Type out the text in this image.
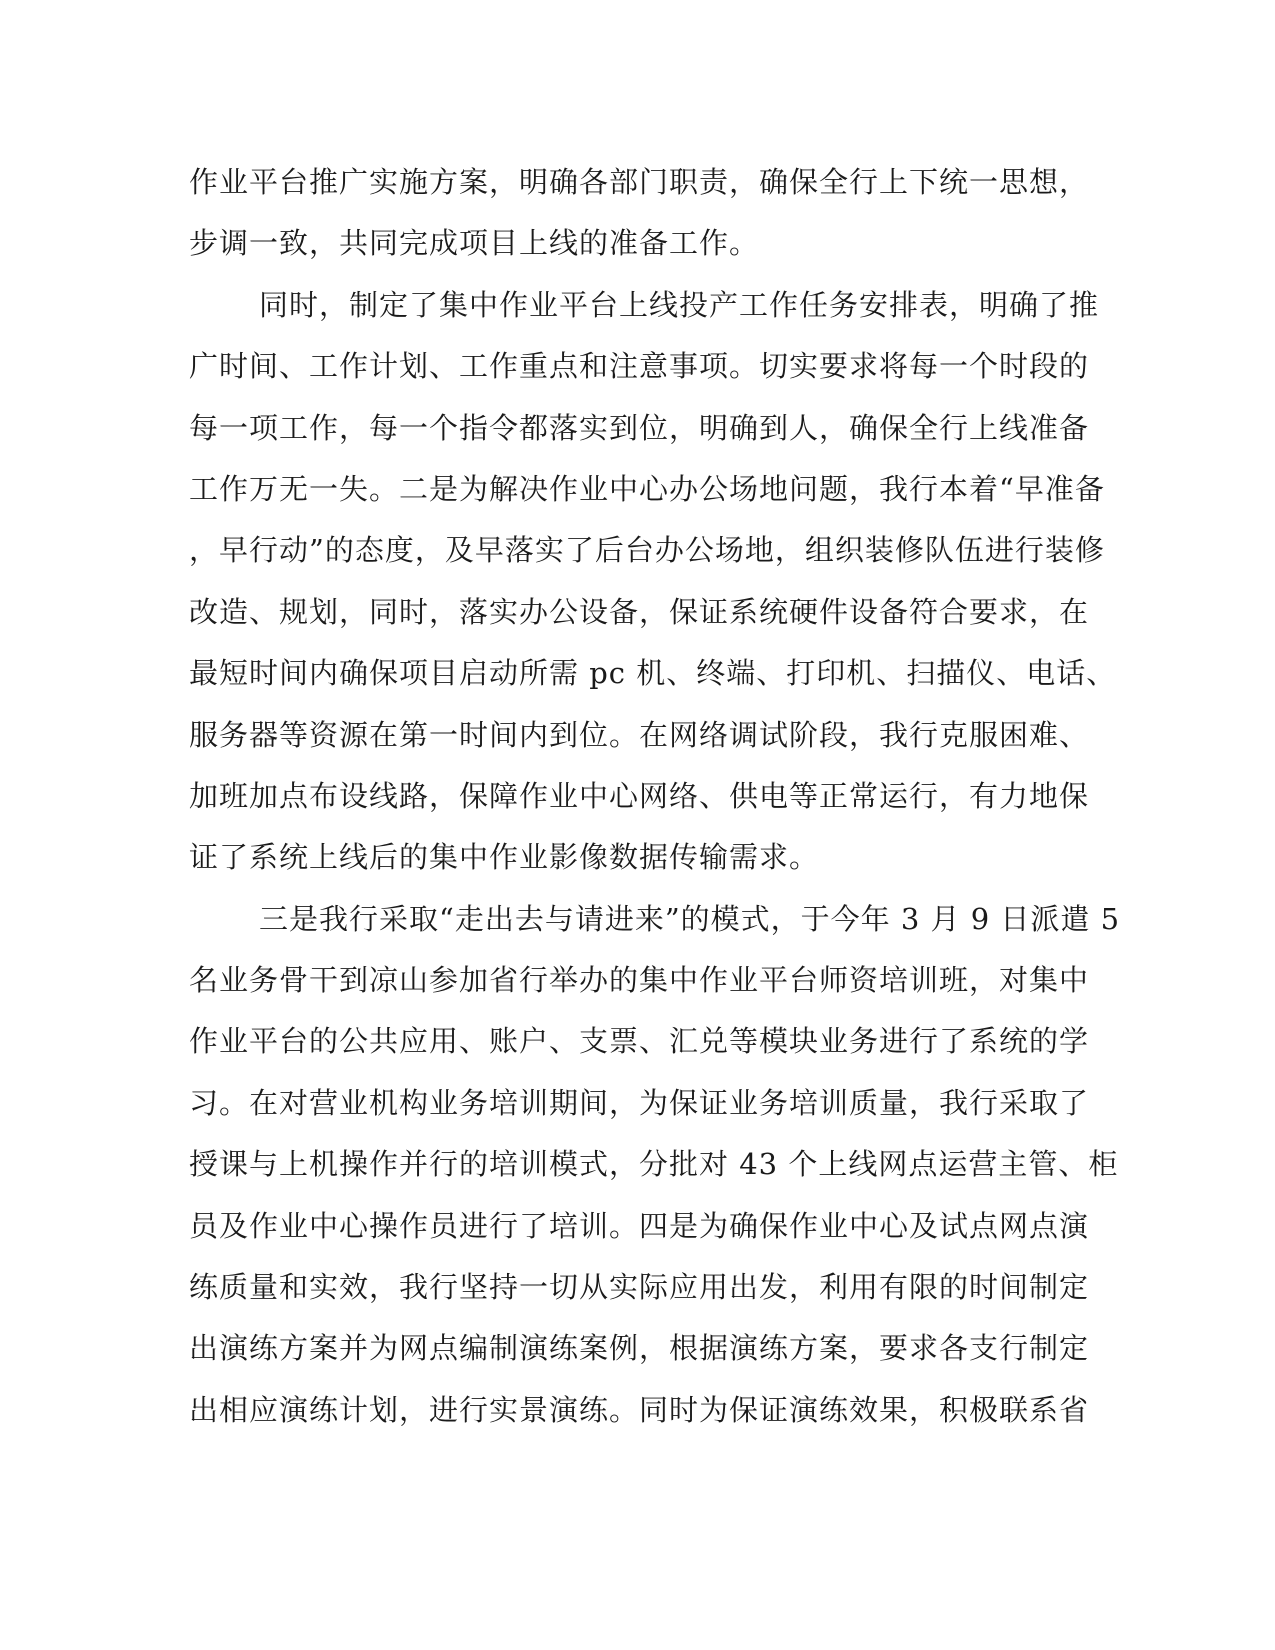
作业平台推广实施方案，明确各部门职责，确保全行上下统一思想，
步调一致，共同完成项目上线的准备工作。
同时，制定了集中作业平台上线投产工作任务安排表，明确了推
广时间、工作计划、工作重点和注意事项。切实要求将每一个时段的
每一项工作，每一个指令都落实到位，明确到人，确保全行上线准备
工作万无一失。二是为解决作业中心办公场地问题，我行本着“早准备
，早行动”的态度，及早落实了后台办公场地，组织装修队伍进行装修
改造、规划，同时，落实办公设备，保证系统硬件设备符合要求，在
最短时间内确保项目启动所需 pc 机、终端、打印机、扫描仪、电话、
服务器等资源在第一时间内到位。在网络调试阶段，我行克服困难、
加班加点布设线路，保障作业中心网络、供电等正常运行，有力地保
证了系统上线后的集中作业影像数据传输需求。
三是我行采取“走出去与请进来”的模式，于今年 3 月 9 日派遣 5
名业务骨干到凉山参加省行举办的集中作业平台师资培训班，对集中
作业平台的公共应用、账户、支票、汇兑等模块业务进行了系统的学
习。在对营业机构业务培训期间，为保证业务培训质量，我行采取了
授课与上机操作并行的培训模式，分批对 43 个上线网点运营主管、柜
员及作业中心操作员进行了培训。四是为确保作业中心及试点网点演
练质量和实效，我行坚持一切从实际应用出发，利用有限的时间制定
出演练方案并为网点编制演练案例，根据演练方案，要求各支行制定
出相应演练计划，进行实景演练。同时为保证演练效果，积极联系省
